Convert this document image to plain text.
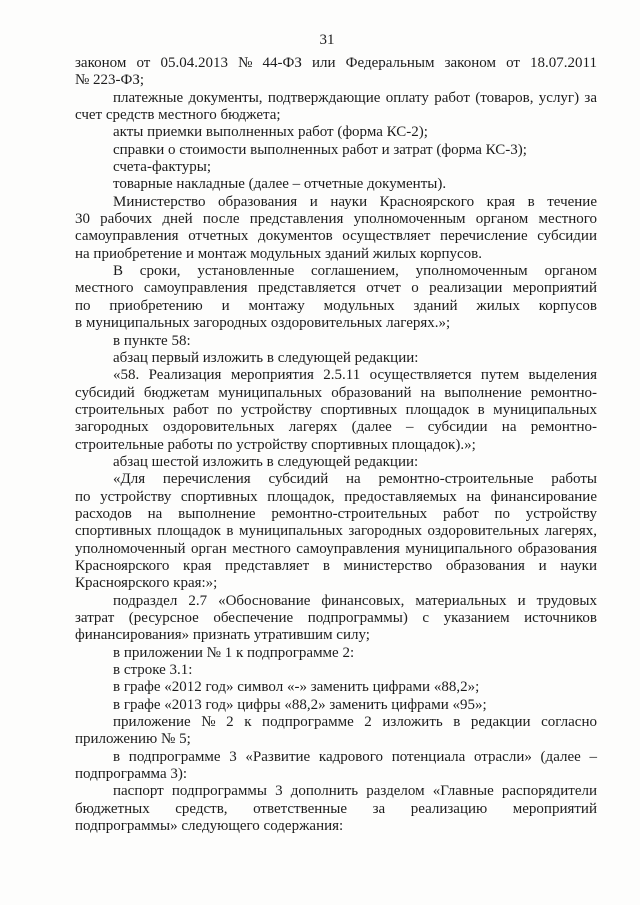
31
законом от 05.04.2013 № 44-ФЗ или Федеральным законом от 18.07.2011
№ 223-ФЗ;
платежные документы, подтверждающие оплату работ (товаров, услуг) за
счет средств местного бюджета;
акты приемки выполненных работ (форма КС-2);
справки о стоимости выполненных работ и затрат (форма КС-3);
счета-фактуры;
товарные накладные (далее – отчетные документы).
Министерство образования и науки Красноярского края в течение
30 рабочих дней после представления уполномоченным органом местного
самоуправления отчетных документов осуществляет перечисление субсидии
на приобретение и монтаж модульных зданий жилых корпусов.
В сроки, установленные соглашением, уполномоченным органом
местного самоуправления представляется отчет о реализации мероприятий
по приобретению и монтажу модульных зданий жилых корпусов
в муниципальных загородных оздоровительных лагерях.»;
в пункте 58:
абзац первый изложить в следующей редакции:
«58. Реализация мероприятия 2.5.11 осуществляется путем выделения
субсидий бюджетам муниципальных образований на выполнение ремонтно-
строительных работ по устройству спортивных площадок в муниципальных
загородных оздоровительных лагерях (далее – субсидии на ремонтно-
строительные работы по устройству спортивных площадок).»;
абзац шестой изложить в следующей редакции:
«Для перечисления субсидий на ремонтно-строительные работы
по устройству спортивных площадок, предоставляемых на финансирование
расходов на выполнение ремонтно-строительных работ по устройству
спортивных площадок в муниципальных загородных оздоровительных лагерях,
уполномоченный орган местного самоуправления муниципального образования
Красноярского края представляет в министерство образования и науки
Красноярского края:»;
подраздел 2.7 «Обоснование финансовых, материальных и трудовых
затрат (ресурсное обеспечение подпрограммы) с указанием источников
финансирования» признать утратившим силу;
в приложении № 1 к подпрограмме 2:
в строке 3.1:
в графе «2012 год» символ «-» заменить цифрами «88,2»;
в графе «2013 год» цифры «88,2» заменить цифрами «95»;
приложение № 2 к подпрограмме 2 изложить в редакции согласно
приложению № 5;
в подпрограмме 3 «Развитие кадрового потенциала отрасли» (далее –
подпрограмма 3):
паспорт подпрограммы 3 дополнить разделом «Главные распорядители
бюджетных средств, ответственные за реализацию мероприятий
подпрограммы» следующего содержания:
